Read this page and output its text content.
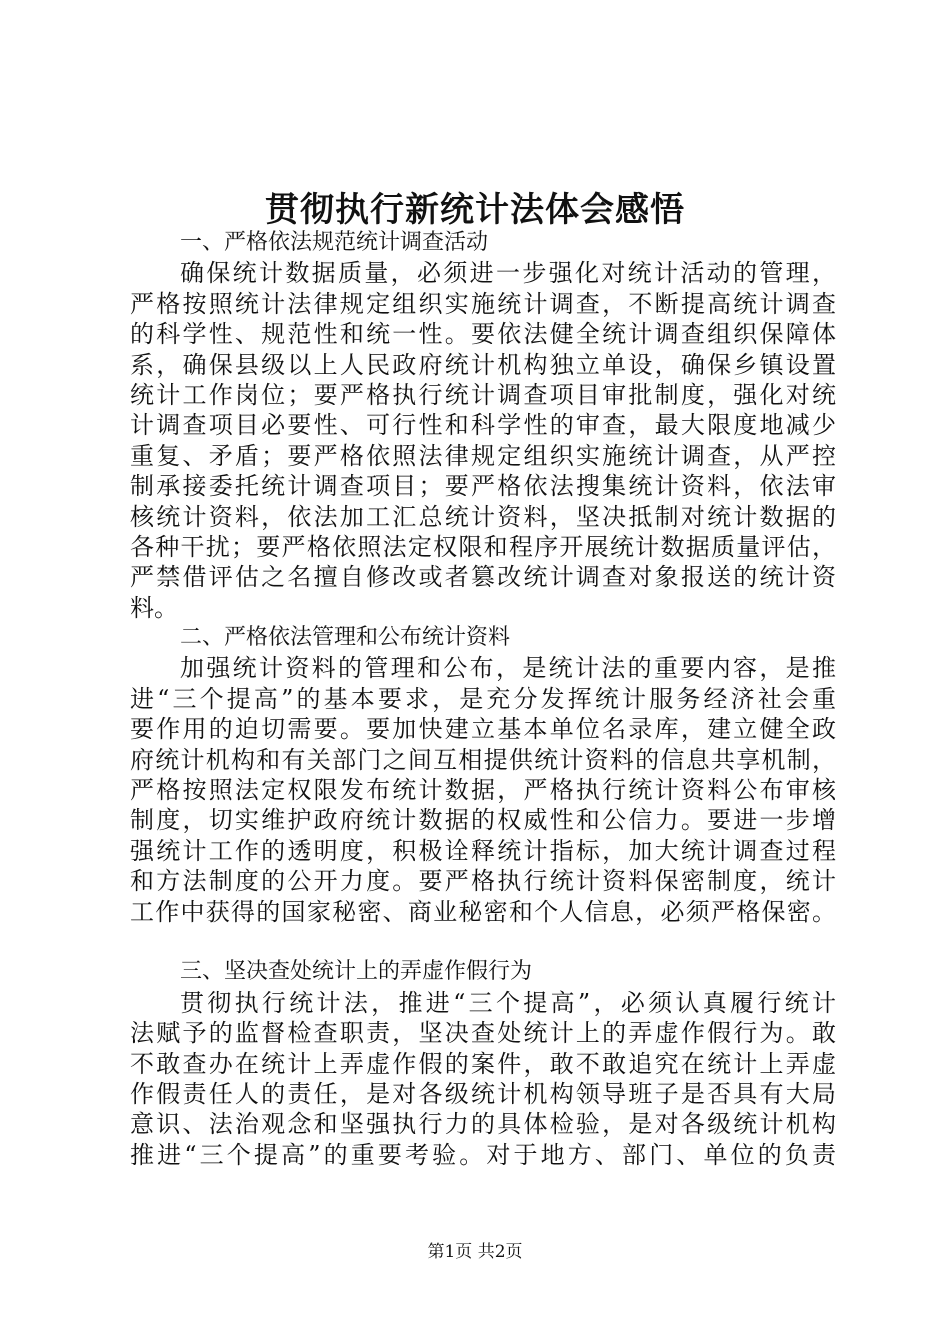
贯彻执行新统计法体会感悟
一、严格依法规范统计调查活动
确保统计数据质量，必须进一步强化对统计活动的管理，
严格按照统计法律规定组织实施统计调查，不断提高统计调查
的科学性、规范性和统一性。要依法健全统计调查组织保障体
系，确保县级以上人民政府统计机构独立单设，确保乡镇设置
统计工作岗位；要严格执行统计调查项目审批制度，强化对统
计调查项目必要性、可行性和科学性的审查，最大限度地减少
重复、矛盾；要严格依照法律规定组织实施统计调查，从严控
制承接委托统计调查项目；要严格依法搜集统计资料，依法审
核统计资料，依法加工汇总统计资料，坚决抵制对统计数据的
各种干扰；要严格依照法定权限和程序开展统计数据质量评估，
严禁借评估之名擅自修改或者篡改统计调查对象报送的统计资
料。
二、严格依法管理和公布统计资料
加强统计资料的管理和公布，是统计法的重要内容，是推
进“三个提高”的基本要求，是充分发挥统计服务经济社会重
要作用的迫切需要。要加快建立基本单位名录库，建立健全政
府统计机构和有关部门之间互相提供统计资料的信息共享机制，
严格按照法定权限发布统计数据，严格执行统计资料公布审核
制度，切实维护政府统计数据的权威性和公信力。要进一步增
强统计工作的透明度，积极诠释统计指标，加大统计调查过程
和方法制度的公开力度。要严格执行统计资料保密制度，统计
工作中获得的国家秘密、商业秘密和个人信息，必须严格保密。
三、坚决查处统计上的弄虚作假行为
贯彻执行统计法，推进“三个提高”，必须认真履行统计
法赋予的监督检查职责，坚决查处统计上的弄虚作假行为。敢
不敢查办在统计上弄虚作假的案件，敢不敢追究在统计上弄虚
作假责任人的责任，是对各级统计机构领导班子是否具有大局
意识、法治观念和坚强执行力的具体检验，是对各级统计机构
推进“三个提高”的重要考验。对于地方、部门、单位的负责
第1页 共2页
